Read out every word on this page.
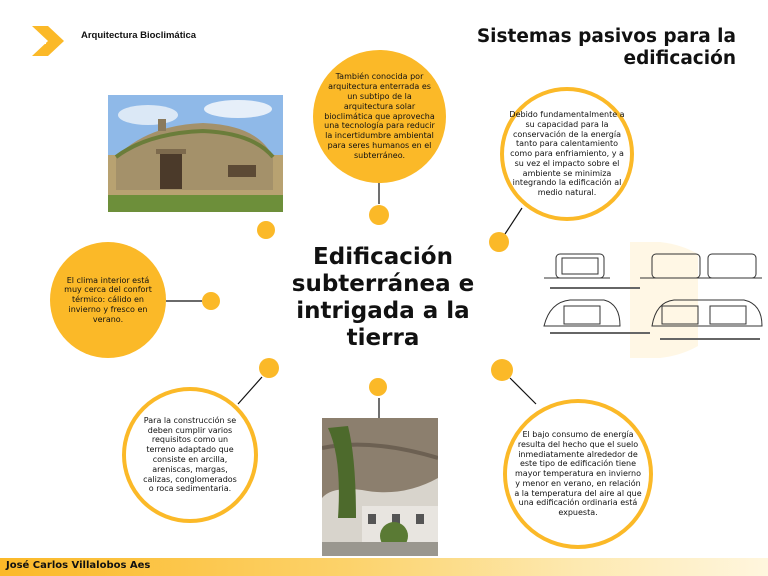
Arquitectura Bioclimática	Sistemas pasivos para la edificación
También conocida por arquitectura enterrada es un subtipo de la arquitectura solar bioclimática que aprovecha una tecnología para reducir la incertidumbre ambiental para seres humanos en el subterráneo.
Debido fundamentalmente a su capacidad para la conservación de la energía tanto para calentamiento como para enfriamiento, y a su vez el impacto sobre el ambiente se minimiza integrando la edificación al medio natural.
El clima interior está muy cerca del confort térmico: cálido en invierno y fresco en verano.
Para la construcción se deben cumplir varios requisitos como un terreno adaptado que consiste en arcilla, areniscas, margas, calizas, conglomerados o roca sedimentaria.
El bajo consumo de energía resulta del hecho que el suelo inmediatamente alrededor de este tipo de edificación tiene mayor temperatura en invierno y menor en verano, en relación a la temperatura del aire al que una edificación ordinaria está expuesta.
Edificación subterránea e intrigada a la tierra
José Carlos Villalobos Aes
